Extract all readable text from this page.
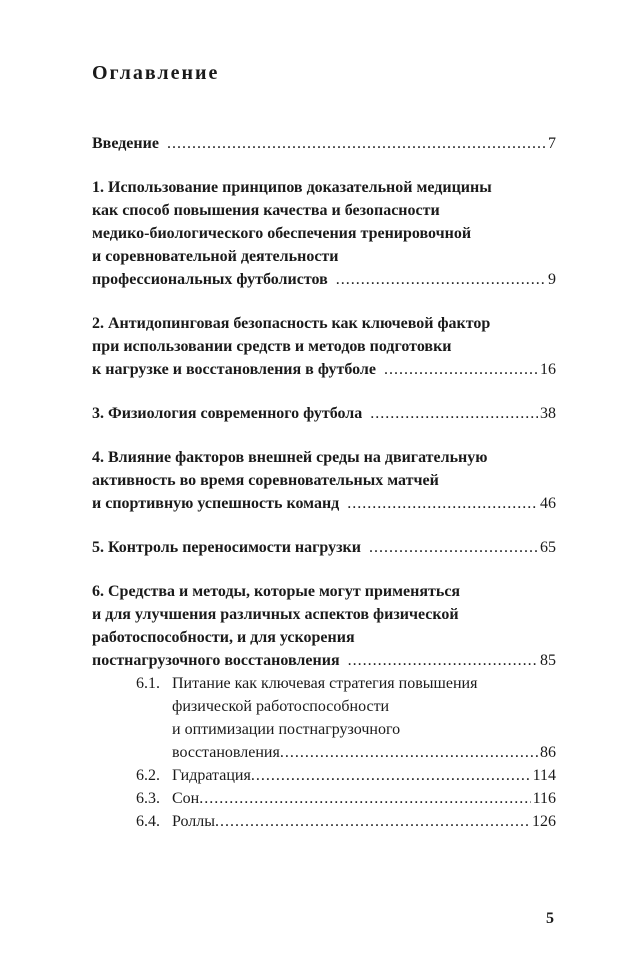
Оглавление
Введение .....	7
1. Использование принципов доказательной медицины
как способ повышения качества и безопасности
медико-биологического обеспечения тренировочной
и соревновательной деятельности
профессиональных футболистов .....	9
2. Антидопинговая безопасность как ключевой фактор
при использовании средств и методов подготовки
к нагрузке и восстановления в футболе .....	16
3. Физиология современного футбола .....	38
4. Влияние факторов внешней среды на двигательную
активность во время соревновательных матчей
и спортивную успешность команд .....	46
5. Контроль переносимости нагрузки .....	65
6. Средства и методы, которые могут применяться
и для улучшения различных аспектов физической
работоспособности, и для ускорения
постнагрузочного восстановления .....	85
6.1. Питание как ключевая стратегия повышения
физической работоспособности
и оптимизации постнагрузочного
восстановления .....	86
6.2. Гидратация .....	114
6.3. Сон .....	116
6.4. Роллы .....	126
5
